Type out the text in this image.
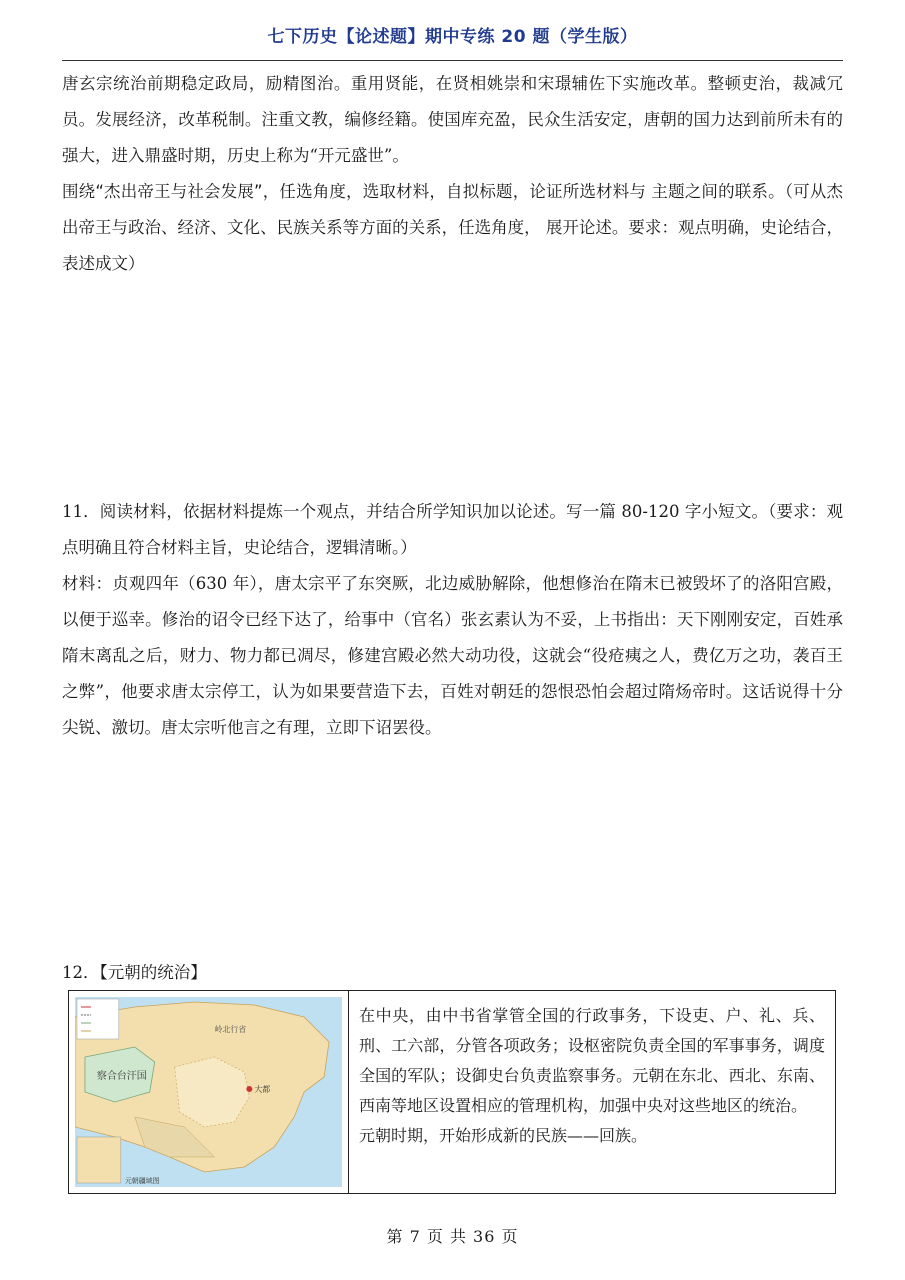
七下历史【论述题】期中专练 20 题（学生版）

唐玄宗统治前期稳定政局，励精图治。重用贤能，在贤相姚崇和宋璟辅佐下实施改革。整顿吏治，裁减冗员。发展经济，改革税制。注重文教，编修经籍。使国库充盈，民众生活安定，唐朝的国力达到前所未有的强大，进入鼎盛时期，历史上称为“开元盛世”。

围绕“杰出帝王与社会发展”，任选角度，选取材料，自拟标题，论证所选材料与 主题之间的联系。（可从杰出帝王与政治、经济、文化、民族关系等方面的关系，任选角度， 展开论述。要求：观点明确，史论结合，表述成文）

11．阅读材料，依据材料提炼一个观点，并结合所学知识加以论述。写一篇 80-120 字小短文。（要求：观点明确且符合材料主旨，史论结合，逻辑清晰。）

材料：贞观四年（630 年），唐太宗平了东突厥，北边威胁解除，他想修治在隋末已被毁坏了的洛阳宫殿，以便于巡幸。修治的诏令已经下达了，给事中（官名）张玄素认为不妥，上书指出：天下刚刚安定，百姓承隋末离乱之后，财力、物力都已凋尽，修建宫殿必然大动功役，这就会“役疮痍之人，费亿万之功，袭百王之弊”，他要求唐太宗停工，认为如果要营造下去，百姓对朝廷的怨恨恐怕会超过隋炀帝时。这话说得十分尖锐、激切。唐太宗听他言之有理，立即下诏罢役。

12．【元朝的统治】
察合台汗国
岭北行省
大都
元朝疆域图

在中央，由中书省掌管全国的行政事务，下设吏、户、礼、兵、刑、工六部，分管各项政务；设枢密院负责全国的军事事务，调度全国的军队；设御史台负责监察事务。元朝在东北、西北、东南、西南等地区设置相应的管理机构，加强中央对这些地区的统治。

元朝时期，开始形成新的民族——回族。

第 7 页 共 36 页
